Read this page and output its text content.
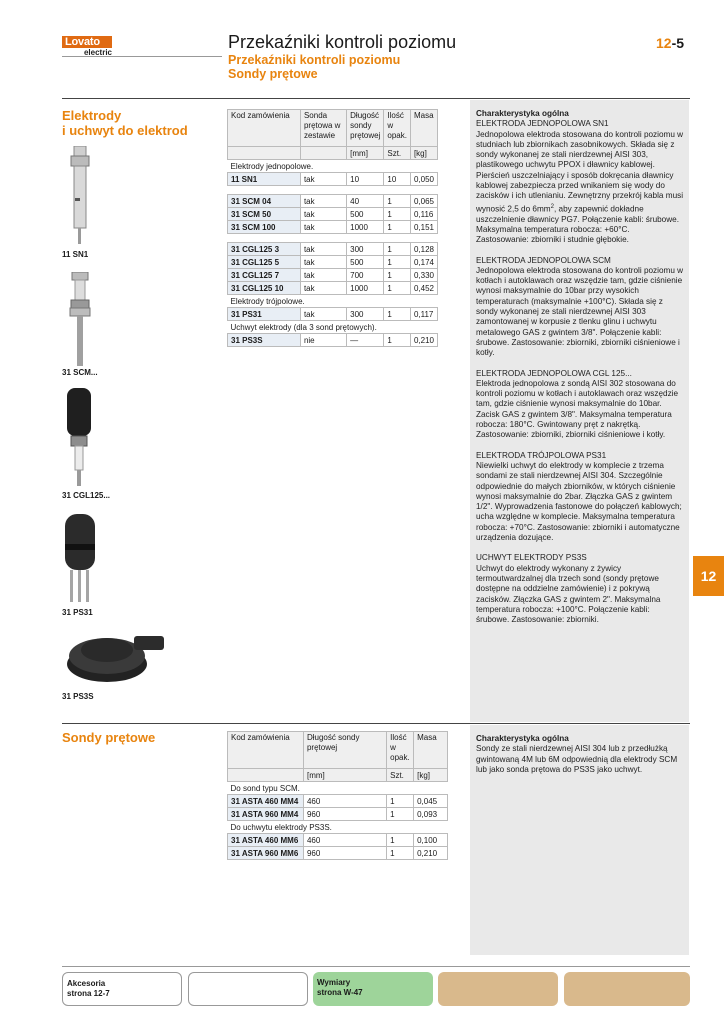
Lovato
electric
Przekaźniki kontroli poziomu
Przekaźniki kontroli poziomu
Sondy prętowe
12-5
Elektrody
i uchwyt do elektrod
11 SN1
31 SCM...
31 CGL125...
31 PS31
31 PS3S
Kod zamówienia	Sonda prętowa w zestawie	Długość sondy prętowej	Ilość w opak.	Masa
		[mm]	Szt.	[kg]
Elektrody jednopolowe.				
11 SN1	tak	10	10	0,050

31 SCM 04	tak	40	1	0,065
31 SCM 50	tak	500	1	0,116
31 SCM 100	tak	1000	1	0,151

31 CGL125 3	tak	300	1	0,128
31 CGL125 5	tak	500	1	0,174
31 CGL125 7	tak	700	1	0,330
31 CGL125 10	tak	1000	1	0,452
Elektrody trójpolowe.				
31 PS31	tak	300	1	0,117
Uchwyt elektrody (dla 3 sond prętowych).				
31 PS3S	nie	—	1	0,210

Charakterystyka ogólna

ELEKTRODA JEDNOPOLOWA SN1

Jednopolowa elektroda stosowana do kontroli poziomu w studniach lub zbiornikach zasobnikowych. Składa się z sondy wykonanej ze stali nierdzewnej AISI 303, plastikowego uchwytu PPOX i dławnicy kablowej. Pierścień uszczelniający i sposób dokręcania dławnicy kablowej zabezpiecza przed wnikaniem się wody do zacisków i ich utlenianiu. Zewnętrzny przekrój kabla musi wynosić 2,5 do $6mm^2$, aby zapewnić dokładne uszczelnienie dławnicy PG7. Połączenie kabli: śrubowe. Maksymalna temperatura robocza: +60°C. Zastosowanie: zbiorniki i studnie głębokie.

ELEKTRODA JEDNOPOLOWA SCM

Jednopolowa elektroda stosowana do kontroli poziomu w kotłach i autoklawach oraz wszędzie tam, gdzie ciśnienie wynosi maksymalnie do 10bar przy wysokich temperaturach (maksymalnie +100°C). Składa się z sondy wykonanej ze stali nierdzewnej AISI 303 zamontowanej w korpusie z tlenku glinu i uchwytu metalowego GAS z gwintem 3/8". Połączenie kabli: śrubowe. Zastosowanie: zbiorniki, zbiorniki ciśnieniowe i kotły.

ELEKTRODA JEDNOPOLOWA CGL 125...

Elektroda jednopolowa z sondą AISI 302 stosowana do kontroli poziomu w kotłach i autoklawach oraz wszędzie tam, gdzie ciśnienie wynosi maksymalnie do 10bar. Zacisk GAS z gwintem 3/8". Maksymalna temperatura robocza: 180°C. Gwintowany pręt z nakrętką. Zastosowanie: zbiorniki, zbiorniki ciśnieniowe i kotły.

ELEKTRODA TRÓJPOLOWA PS31

Niewielki uchwyt do elektrody w komplecie z trzema sondami ze stali nierdzewnej AISI 304. Szczególnie odpowiednie do małych zbiorników, w których ciśnienie wynosi maksymalnie do 2bar. Złączka GAS z gwintem 1/2". Wyprowadzenia fastonowe do połączeń kablowych; ucha względne w komplecie. Maksymalna temperatura robocza: +70°C. Zastosowanie: zbiorniki i automatyczne urządzenia dozujące.

UCHWYT ELEKTRODY PS3S

Uchwyt do elektrody wykonany z żywicy termoutwardzalnej dla trzech sond (sondy prętowe dostępne na oddzielne zamówienie) i z pokrywą zacisków. Złączka GAS z gwintem 2". Maksymalna temperatura robocza: +100°C. Połączenie kabli: śrubowe. Zastosowanie: zbiorniki.

12
Sondy prętowe	Kod zamówienia	Długość sondy prętowej	Ilość w opak.	Masa
	[mm]	Szt.	[kg]
Do sond typu SCM.			
31 ASTA 460 MM4	460	1	0,045
31 ASTA 960 MM4	960	1	0,093
Do uchwytu elektrody PS3S.			
31 ASTA 460 MM6	460	1	0,100
31 ASTA 960 MM6	960	1	0,210

Charakterystyka ogólna

Sondy ze stali nierdzewnej AISI 304 lub z przedłużką gwintowaną 4M lub 6M odpowiednią dla elektrody SCM lub jako sonda prętowa do PS3S jako uchwyt.

Akcesoria
strona 12-7
Wymiary
strona W-47
